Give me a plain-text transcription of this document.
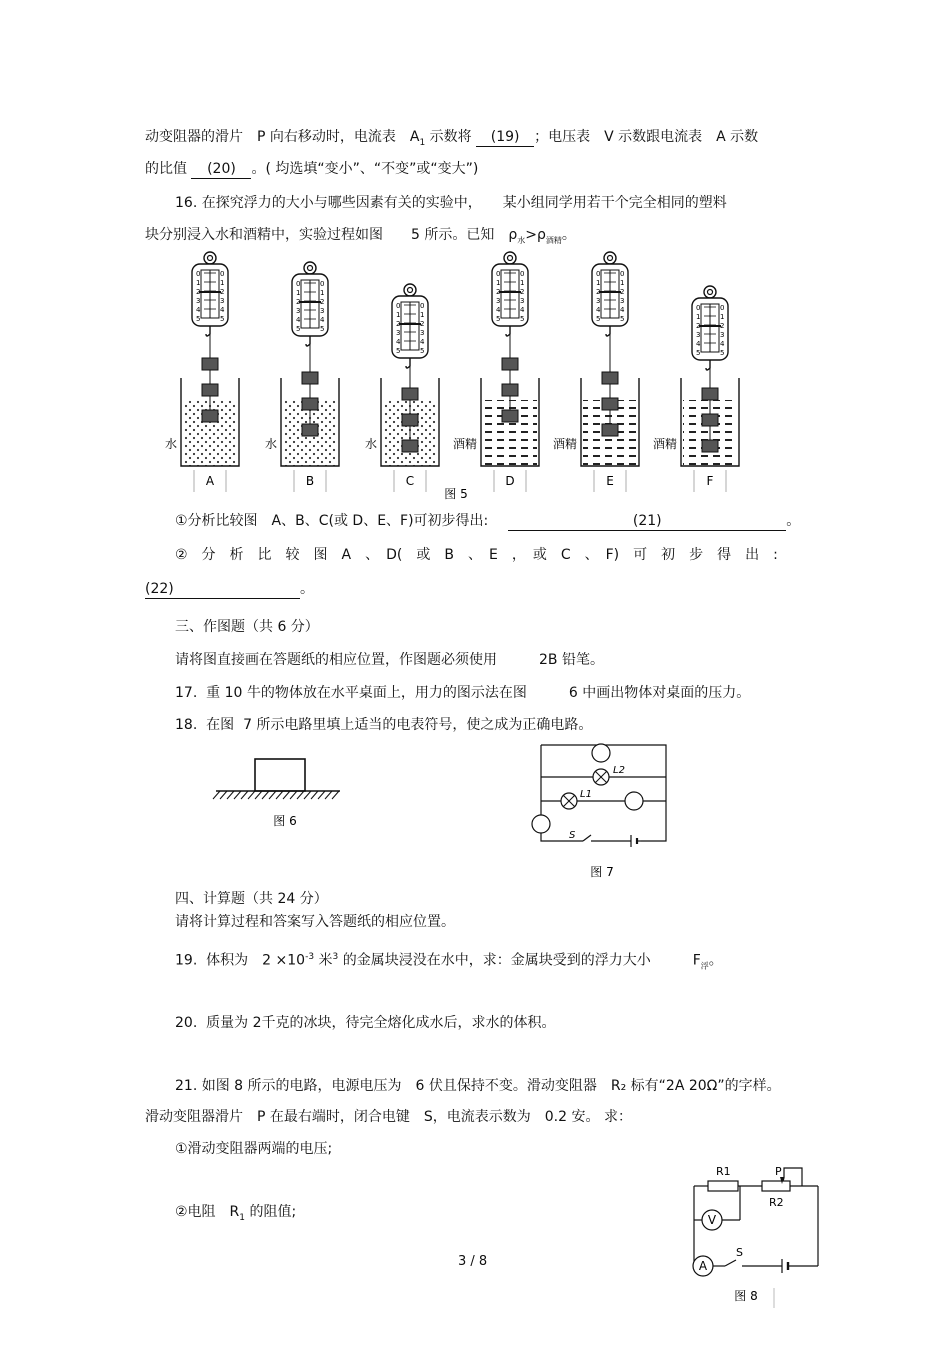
动变阻器的滑片　P 向右移动时，电流表　$A_1$ 示数将 (19) ；电压表　V 示数跟电流表　A 示数
的比值 (20) 。( 均选填“变小”、“不变”或“变大”)
16. 在探究浮力的大小与哪些因素有关的实验中，　　某小组同学用若干个完全相同的塑料
块分别浸入水和酒精中，实验过程如图　　5 所示。已知　$\rho_水>\rho_{酒精}$。
0	0
1	1
2	2
3	3
4	4
5	5
水
A
0	0
1	1
2	2
3	3
4	4
5	5
水
B
0	0
1	1
2	2
3	3
4	4
5	5
水
C
0	0
1	1
2	2
3	3
4	4
5	5
酒精
D
0	0
1	1
2	2
3	3
4	4
5	5
酒精
E
0	0
1	1
2	2
3	3
4	4
5	5
酒精
F
图 5
①分析比较图　A、B、C(或 D、E、F)可初步得出:	(21)	。
②　分　析　比　较　图　A　、　D(　或　B　、　E　，　或　C　、　F)　可　初　步　得　出　:
(22)	。
三、作图题（共 6 分）
请将图直接画在答题纸的相应位置，作图题必须使用　　　2B 铅笔。
17.  重 10 牛的物体放在水平桌面上，用力的图示法在图　　　6 中画出物体对桌面的压力。
18.  在图  7 所示电路里填上适当的电表符号，使之成为正确电路。
图 6
L2
L1
S
图 7
四、计算题（共 24 分）
请将计算过程和答案写入答题纸的相应位置。
19.  体积为　$2 \times 10^{-3}$ 米$^3$ 的金属块浸没在水中，求：金属块受到的浮力大小　　　$F_浮$。
20.  质量为 2千克的冰块，待完全熔化成水后，求水的体积。
21. 如图 8 所示的电路，电源电压为　6 伏且保持不变。滑动变阻器　R₂ 标有“2A 20Ω”的字样。
滑动变阻器滑片　P 在最右端时，闭合电键　S，电流表示数为　0.2 安。 求：
①滑动变阻器两端的电压;
②电阻　$R_1$ 的阻值;
R1	P
R2
V
A
S
图 8
3 / 8
